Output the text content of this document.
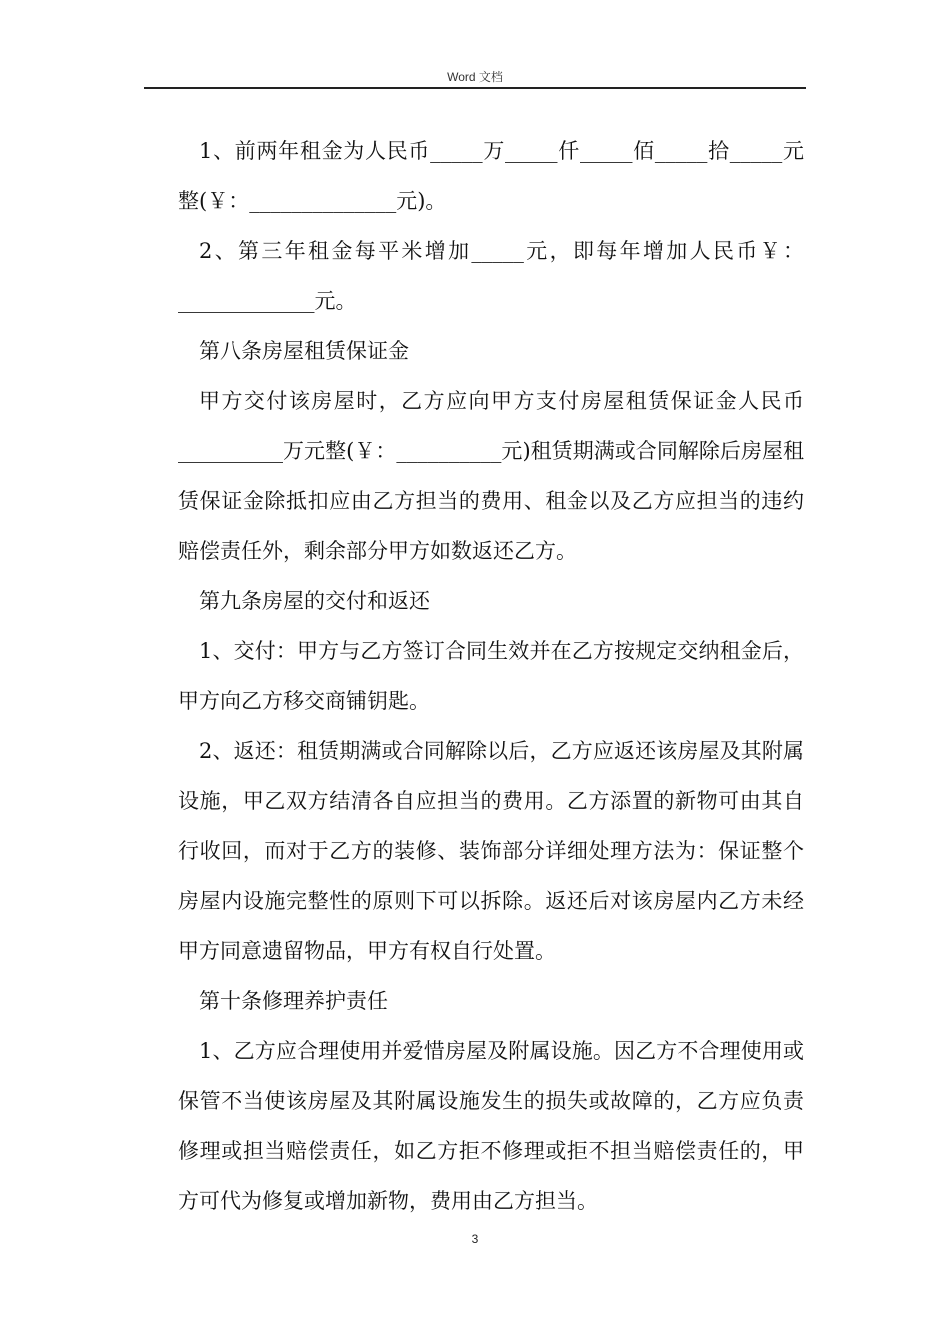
Word 文档

1、前两年租金为人民币_____万_____仟_____佰_____拾_____元整(￥：______________元)。

2、第三年租金每平米增加_____元，即每年增加人民币￥：_____________元。

第八条房屋租赁保证金

甲方交付该房屋时，乙方应向甲方支付房屋租赁保证金人民币__________万元整(￥：__________元)租赁期满或合同解除后房屋租赁保证金除抵扣应由乙方担当的费用、租金以及乙方应担当的违约赔偿责任外，剩余部分甲方如数返还乙方。

第九条房屋的交付和返还

1、交付：甲方与乙方签订合同生效并在乙方按规定交纳租金后，甲方向乙方移交商铺钥匙。

2、返还：租赁期满或合同解除以后，乙方应返还该房屋及其附属设施，甲乙双方结清各自应担当的费用。乙方添置的新物可由其自行收回，而对于乙方的装修、装饰部分详细处理方法为：保证整个房屋内设施完整性的原则下可以拆除。返还后对该房屋内乙方未经甲方同意遗留物品，甲方有权自行处置。

第十条修理养护责任

1、乙方应合理使用并爱惜房屋及附属设施。因乙方不合理使用或保管不当使该房屋及其附属设施发生的损失或故障的，乙方应负责修理或担当赔偿责任，如乙方拒不修理或拒不担当赔偿责任的，甲方可代为修复或增加新物，费用由乙方担当。

3
